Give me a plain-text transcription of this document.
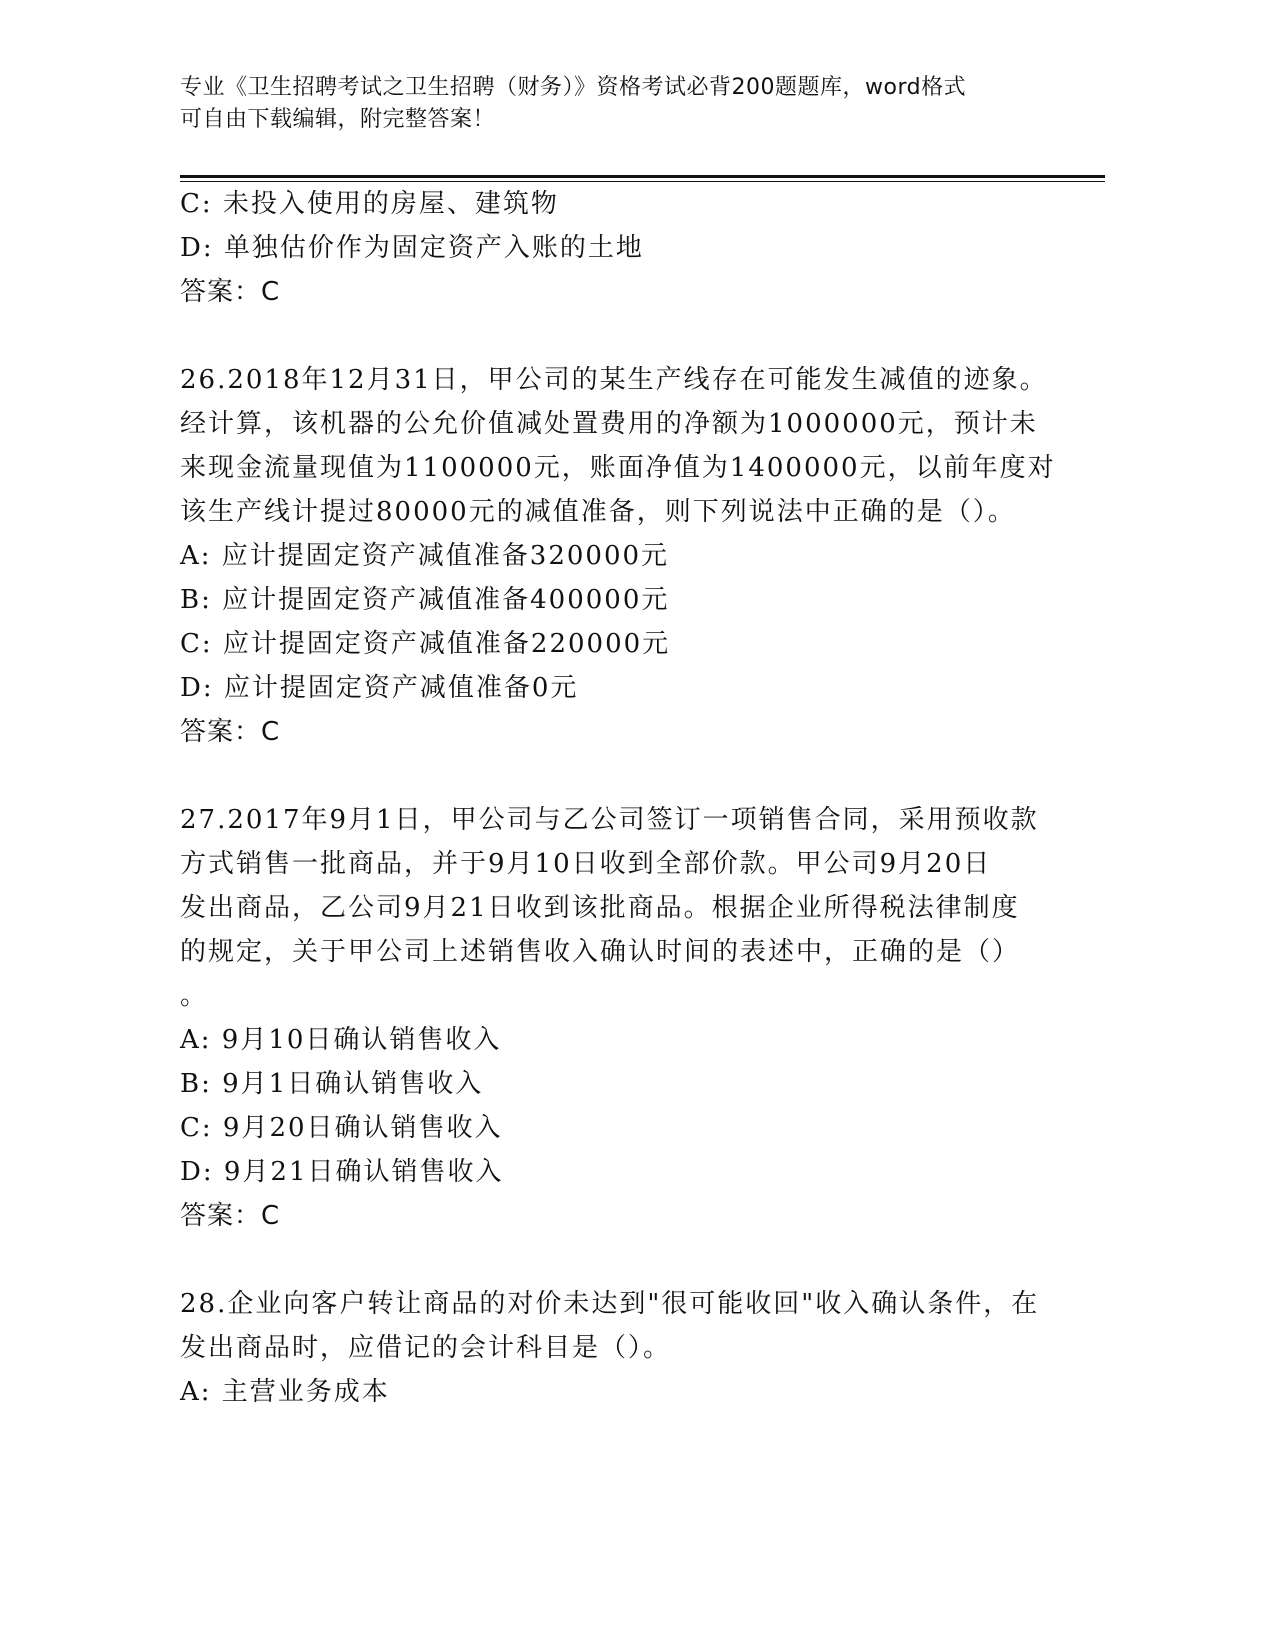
专业《卫生招聘考试之卫生招聘（财务）》资格考试必背200题题库，word格式
可自由下载编辑，附完整答案！
C: 未投入使用的房屋、建筑物
D: 单独估价作为固定资产入账的土地
答案：C
26.2018年12月31日，甲公司的某生产线存在可能发生减值的迹象。
经计算，该机器的公允价值减处置费用的净额为1000000元，预计未
来现金流量现值为1100000元，账面净值为1400000元，以前年度对
该生产线计提过80000元的减值准备，则下列说法中正确的是（）。
A: 应计提固定资产减值准备320000元
B: 应计提固定资产减值准备400000元
C: 应计提固定资产减值准备220000元
D: 应计提固定资产减值准备0元
答案：C
27.2017年9月1日，甲公司与乙公司签订一项销售合同，采用预收款
方式销售一批商品，并于9月10日收到全部价款。甲公司9月20日
发出商品，乙公司9月21日收到该批商品。根据企业所得税法律制度
的规定，关于甲公司上述销售收入确认时间的表述中，正确的是（）
。
A: 9月10日确认销售收入
B: 9月1日确认销售收入
C: 9月20日确认销售收入
D: 9月21日确认销售收入
答案：C
28.企业向客户转让商品的对价未达到"很可能收回"收入确认条件，在
发出商品时，应借记的会计科目是（）。
A: 主营业务成本
